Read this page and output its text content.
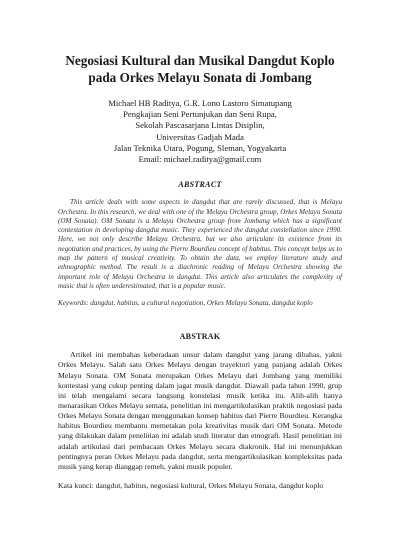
Negosiasi Kultural dan Musikal Dangdut Koplo
pada Orkes Melayu Sonata di Jombang
Michael HB Raditya, G.R. Lono Lastoro Simatupang
Pengkajian Seni Pertunjukan dan Seni Rupa,
Sekolah Pascasarjana Lintas Disiplin,
Universitas Gadjah Mada
Jalan Teknika Utara, Pogung, Sleman, Yogyakarta
Email: michael.raditya@gmail.com
ABSTRACT

This article deals with some aspects in dangdut that are rarely discussed, that is Melayu Orchestra. In this research, we deal with one of the Melayu Orchestra group, Orkes Melayu Sonata (OM Sonata). OM Sonata is a Melayu Orchestra group from Jombang which has a significant contestation in developing dangdut music. They experienced the dangdut constellation since 1990. Here, we not only describe Melayu Orchestra, but we also articulate its existence from its negotiation and practices, by using the Pierre Bourdieu concept of habitus. This concept helps us to map the pattern of musical creativity. To obtain the data, we employ literature study and ethnographic method. The result is a diachronic reading of Melayu Orchestra showing the important role of Melayu Orchestra in dangdut. This article also articulates the complexity of music that is often underestimated, that is a popular music.

Keywords: dangdut, habitus, a cultural negotiation, Orkes Melayu Sonata, dangdut koplo

ABSTRAK

Artikel ini membahas keberadaan unsur dalam dangdut yang jarang dibahas, yakni Orkes Melayu. Salah satu Orkes Melayu dengan trayektori yang panjang adalah Orkes Melayu Sonata. OM Sonata merupakan Orkes Melayu dari Jombang yang memiliki kontestasi yang cukup penting dalam jagat musik dangdut. Diawali pada tahun 1990, grup ini telah mengalami secara langsung konstelasi musik ketika itu. Alih-alih hanya menarasikan Orkes Melayu semata, penelitian ini mengartikulasikan praktik negosiasi pada Orkes Melayu Sonata dengan menggunakan konsep habitus dari Pierre Bourdieu. Kerangka habitus Bourdieu membantu memetakan pola kreativitas musik dari OM Sonata. Metode yang dilakukan dalam penelitian ini adalah studi literatur dan etnografi. Hasil penelitian ini adalah artikulasi dari pembacaan Orkes Melayu secara diakronik. Hal ini menunjukkan pentingnya peran Orkes Melayu pada dangdut, serta mengartikulasikan kompleksitas pada musik yang kerap dianggap remeh, yakni musik populer.

Kata kunci: dangdut, habitus, negosiasi kultural, Orkes Melayu Sonata, dangdut koplo
